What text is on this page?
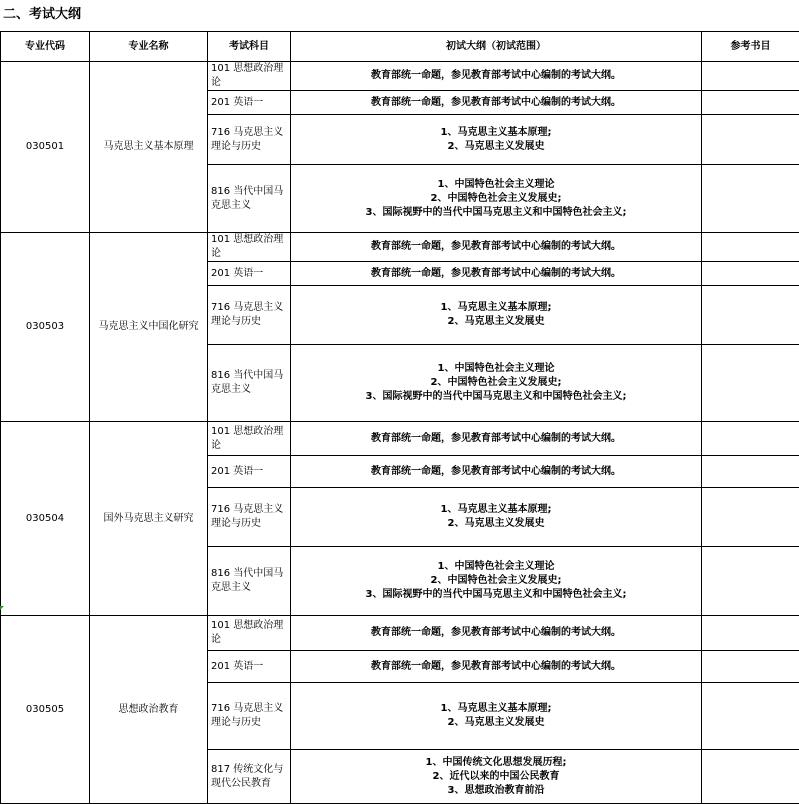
二、考试大纲
专业代码	专业名称	考试科目	初试大纲（初试范围）	参考书目
030501	马克思主义基本原理	101 思想政治理论	教育部统一命题，参见教育部考试中心编制的考试大纲。	
		201 英语一	教育部统一命题，参见教育部考试中心编制的考试大纲。	
		716 马克思主义
理论与历史	1、马克思主义基本原理;
2、马克思主义发展史	
		816 当代中国马
克思主义	1、中国特色社会主义理论
2、中国特色社会主义发展史;
3、国际视野中的当代中国马克思主义和中国特色社会主义;	
030503	马克思主义中国化研究	101 思想政治理论	教育部统一命题，参见教育部考试中心编制的考试大纲。	
		201 英语一	教育部统一命题，参见教育部考试中心编制的考试大纲。	
		716 马克思主义
理论与历史	1、马克思主义基本原理;
2、马克思主义发展史	
		816 当代中国马
克思主义	1、中国特色社会主义理论
2、中国特色社会主义发展史;
3、国际视野中的当代中国马克思主义和中国特色社会主义;	
030504	国外马克思主义研究	101 思想政治理论	教育部统一命题，参见教育部考试中心编制的考试大纲。	
		201 英语一	教育部统一命题，参见教育部考试中心编制的考试大纲。	
		716 马克思主义
理论与历史	1、马克思主义基本原理;
2、马克思主义发展史	
		816 当代中国马
克思主义	1、中国特色社会主义理论
2、中国特色社会主义发展史;
3、国际视野中的当代中国马克思主义和中国特色社会主义;	
030505	思想政治教育	101 思想政治理论	教育部统一命题，参见教育部考试中心编制的考试大纲。	
		201 英语一	教育部统一命题，参见教育部考试中心编制的考试大纲。	
		716 马克思主义
理论与历史	1、马克思主义基本原理;
2、马克思主义发展史	
		817 传统文化与
现代公民教育	1、中国传统文化思想发展历程;
2、近代以来的中国公民教育
3、思想政治教育前沿	
